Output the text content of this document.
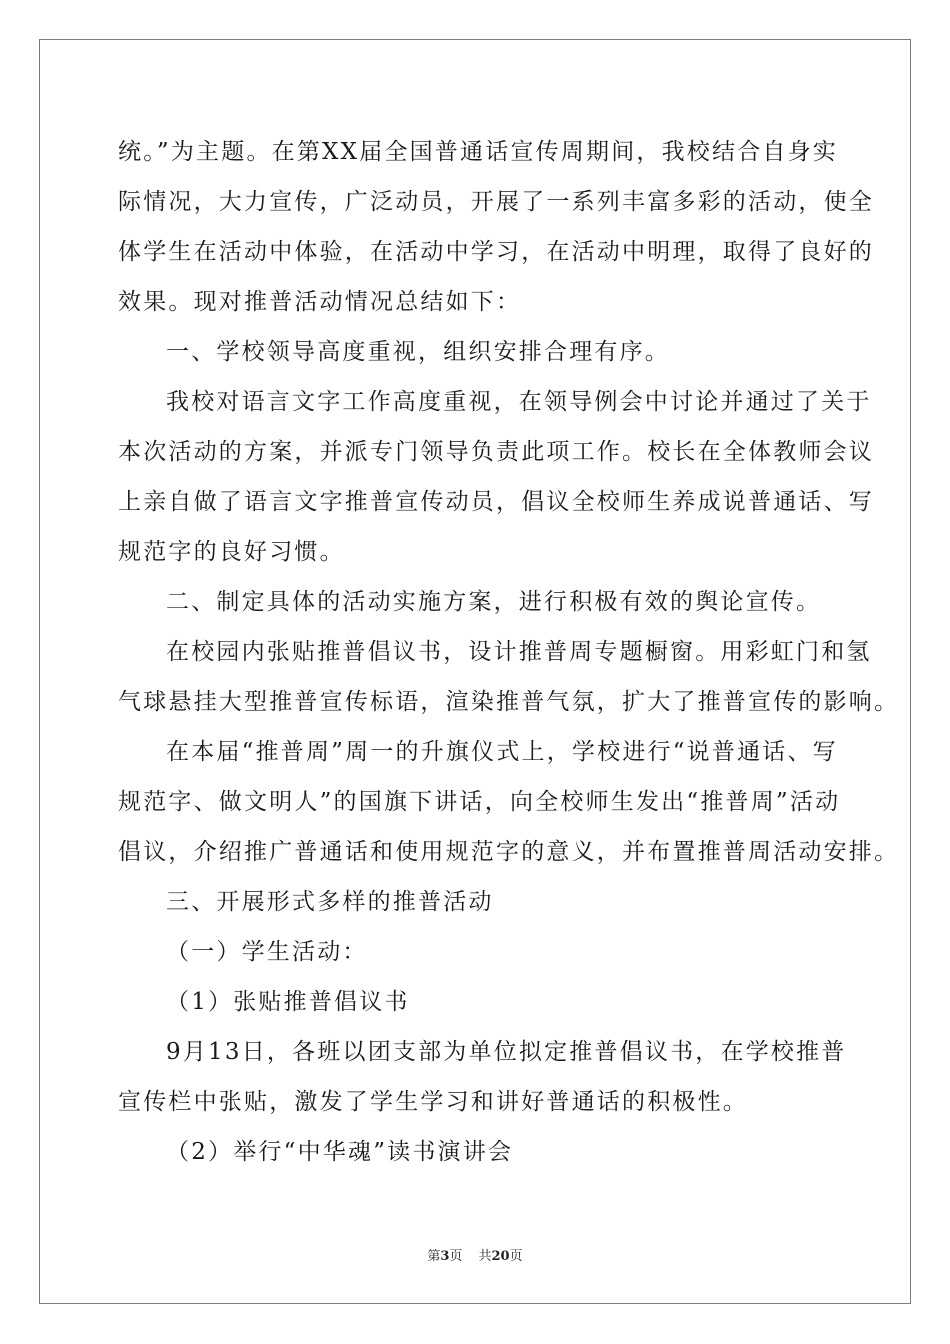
统。”为主题。在第XX届全国普通话宣传周期间，我校结合自身实
际情况，大力宣传，广泛动员，开展了一系列丰富多彩的活动，使全
体学生在活动中体验，在活动中学习，在活动中明理，取得了良好的
效果。现对推普活动情况总结如下：

一、学校领导高度重视，组织安排合理有序。

我校对语言文字工作高度重视，在领导例会中讨论并通过了关于
本次活动的方案，并派专门领导负责此项工作。校长在全体教师会议
上亲自做了语言文字推普宣传动员，倡议全校师生养成说普通话、写
规范字的良好习惯。

二、制定具体的活动实施方案，进行积极有效的舆论宣传。

在校园内张贴推普倡议书，设计推普周专题橱窗。用彩虹门和氢
气球悬挂大型推普宣传标语，渲染推普气氛，扩大了推普宣传的影响。

在本届“推普周”周一的升旗仪式上，学校进行“说普通话、写
规范字、做文明人”的国旗下讲话，向全校师生发出“推普周”活动
倡议，介绍推广普通话和使用规范字的意义，并布置推普周活动安排。

三、开展形式多样的推普活动

（一）学生活动：

（1）张贴推普倡议书

9月13日，各班以团支部为单位拟定推普倡议书，在学校推普
宣传栏中张贴，激发了学生学习和讲好普通话的积极性。

（2）举行“中华魂”读书演讲会

第3页 共20页
